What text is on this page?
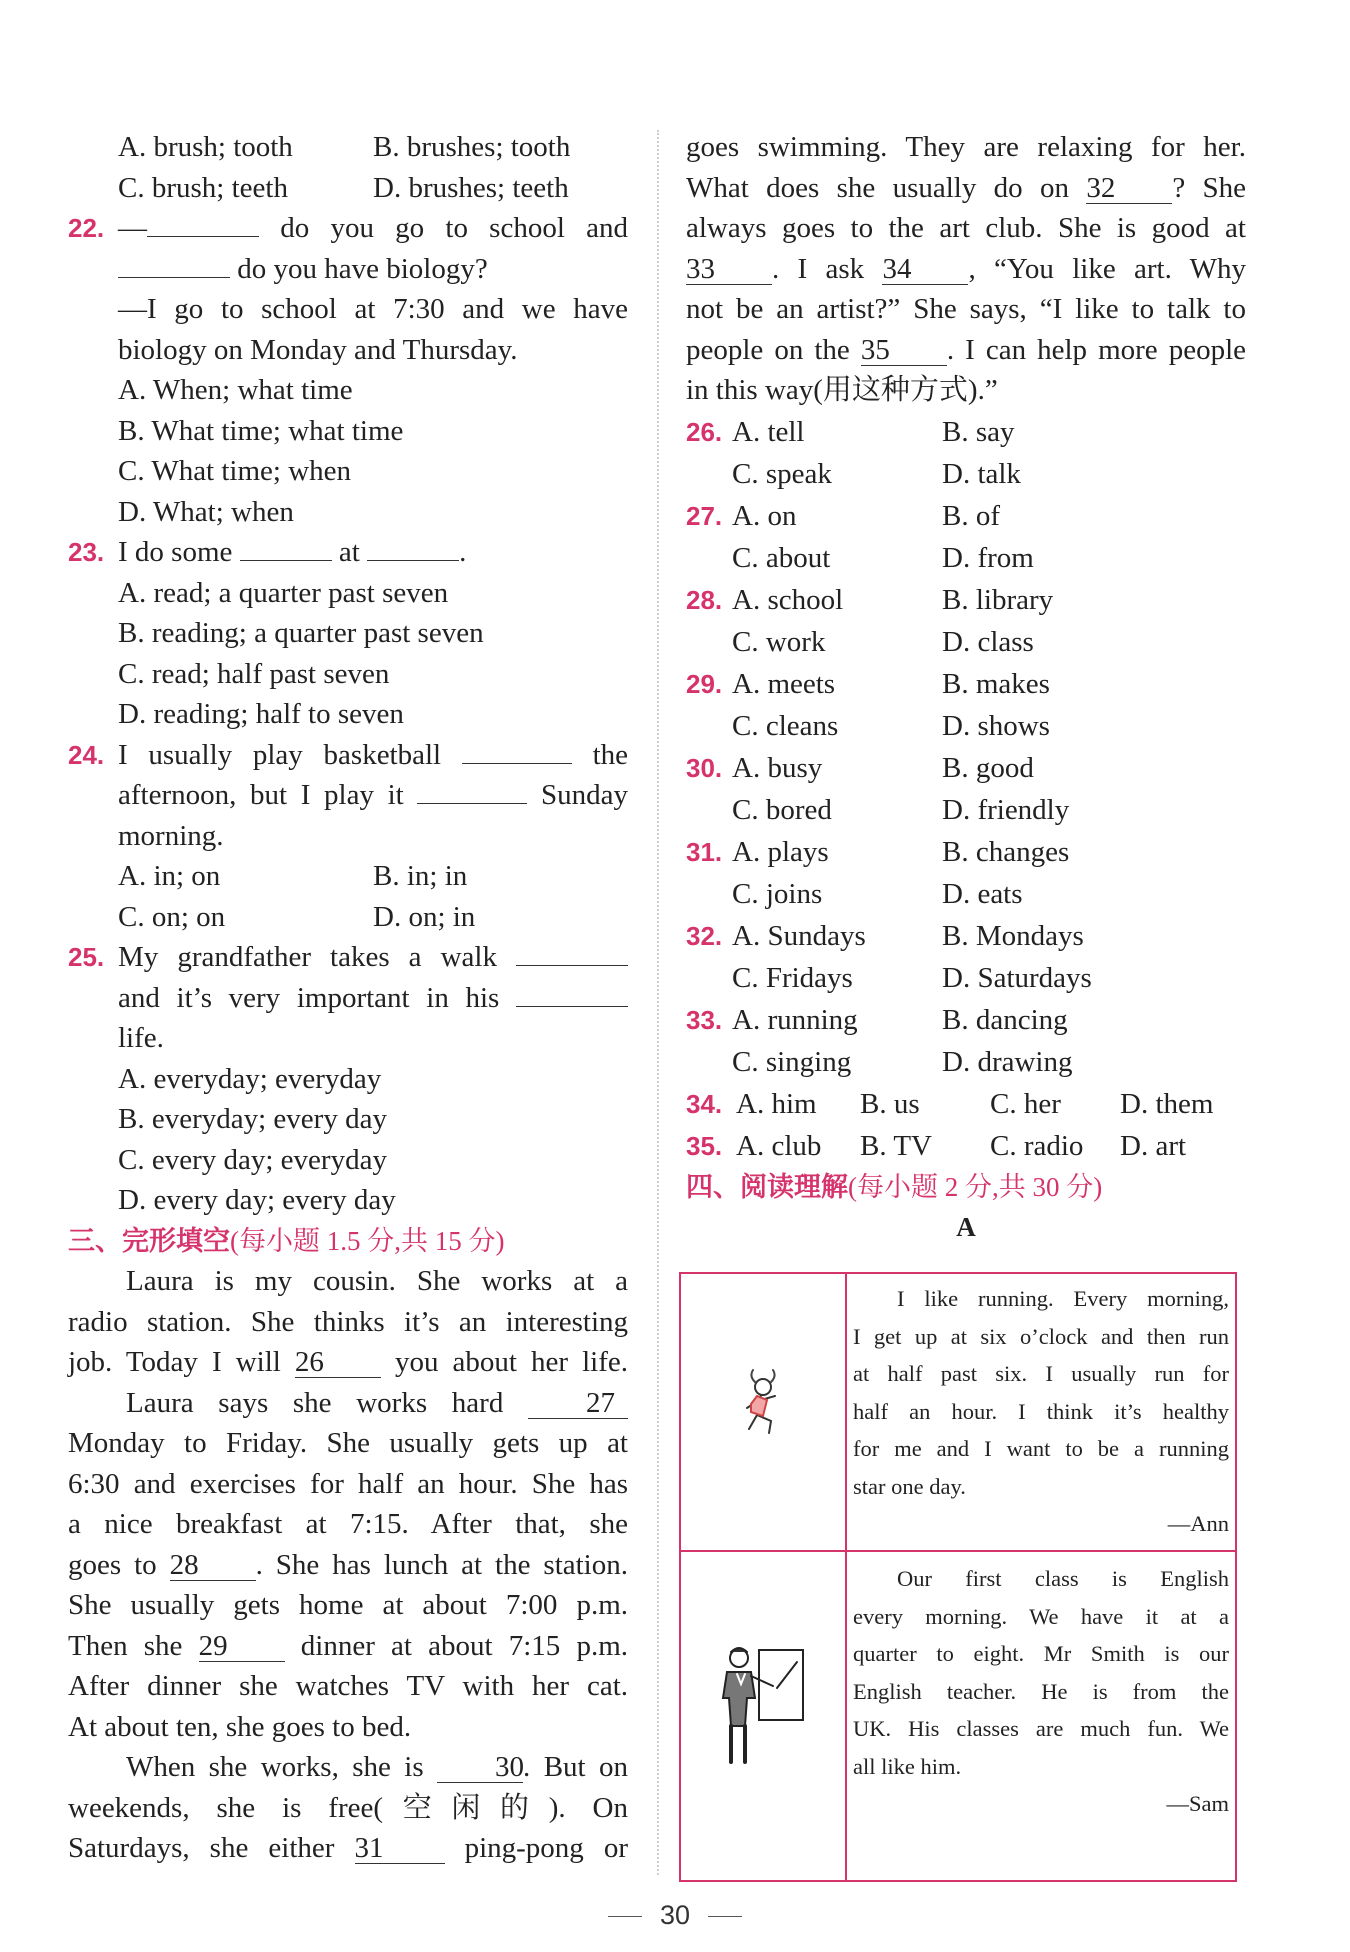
A. brush; tooth	B. brushes; tooth
C. brush; teeth	D. brushes; teeth
22. —	do you go to school and
do you have biology?
—I go to school at 7:30 and we have
biology on Monday and Thursday.
A. When; what time
B. What time; what time
C. What time; when
D. What; when
23. I do some	at	.
A. read; a quarter past seven
B. reading; a quarter past seven
C. read; half past seven
D. reading; half to seven
24. I usually play basketball	the
afternoon, but I play it	Sunday
morning.
A. in; on	B. in; in
C. on; on	D. on; in
25. My grandfather takes a walk
and it’s very important in his
life.
A. everyday; everyday
B. everyday; every day
C. every day; everyday
D. every day; every day
三、完形填空(每小题 1.5 分,共 15 分)
Laura is my cousin. She works at a
radio station. She thinks it’s an interesting
job. Today I will 26 you about her life.
Laura says she works hard	27
Monday to Friday. She usually gets up at
6:30 and exercises for half an hour. She has
a nice breakfast at 7:15. After that, she
goes to 28 . She has lunch at the station.
She usually gets home at about 7:00 p.m.
Then she 29	dinner at about 7:15 p.m.
After dinner she watches TV with her cat.
At about ten, she goes to bed.
When she works, she is 30. But on
weekends, she is free(空闲的). On
Saturdays, she either 31	ping-pong or
goes swimming. They are relaxing for her.
What does she usually do on 32 ? She
always goes to the art club. She is good at
33 . I ask 34 , “You like art. Why
not be an artist?” She says, “I like to talk to
people on the 35 . I can help more people
in this way(用这种方式).”
26. A. tell	B. say
C. speak	D. talk
27. A. on	B. of
C. about	D. from
28. A. school	B. library
C. work	D. class
29. A. meets	B. makes
C. cleans	D. shows
30. A. busy	B. good
C. bored	D. friendly
31. A. plays	B. changes
C. joins	D. eats
32. A. Sundays	B. Mondays
C. Fridays	D. Saturdays
33. A. running	B. dancing
C. singing	D. drawing
34. A. him	B. us	C. her	D. them
35. A. club	B. TV	C. radio	D. art
四、阅读理解(每小题 2 分,共 30 分)
A
I like running. Every morning,
I get up at six o’clock and then run
at half past six. I usually run for
half an hour. I think it’s healthy
for me and I want to be a running
star one day.
—Ann
Our first class is English
every morning. We have it at a
quarter to eight. Mr Smith is our
English teacher. He is from the
UK. His classes are much fun. We
all like him.
—Sam
30
